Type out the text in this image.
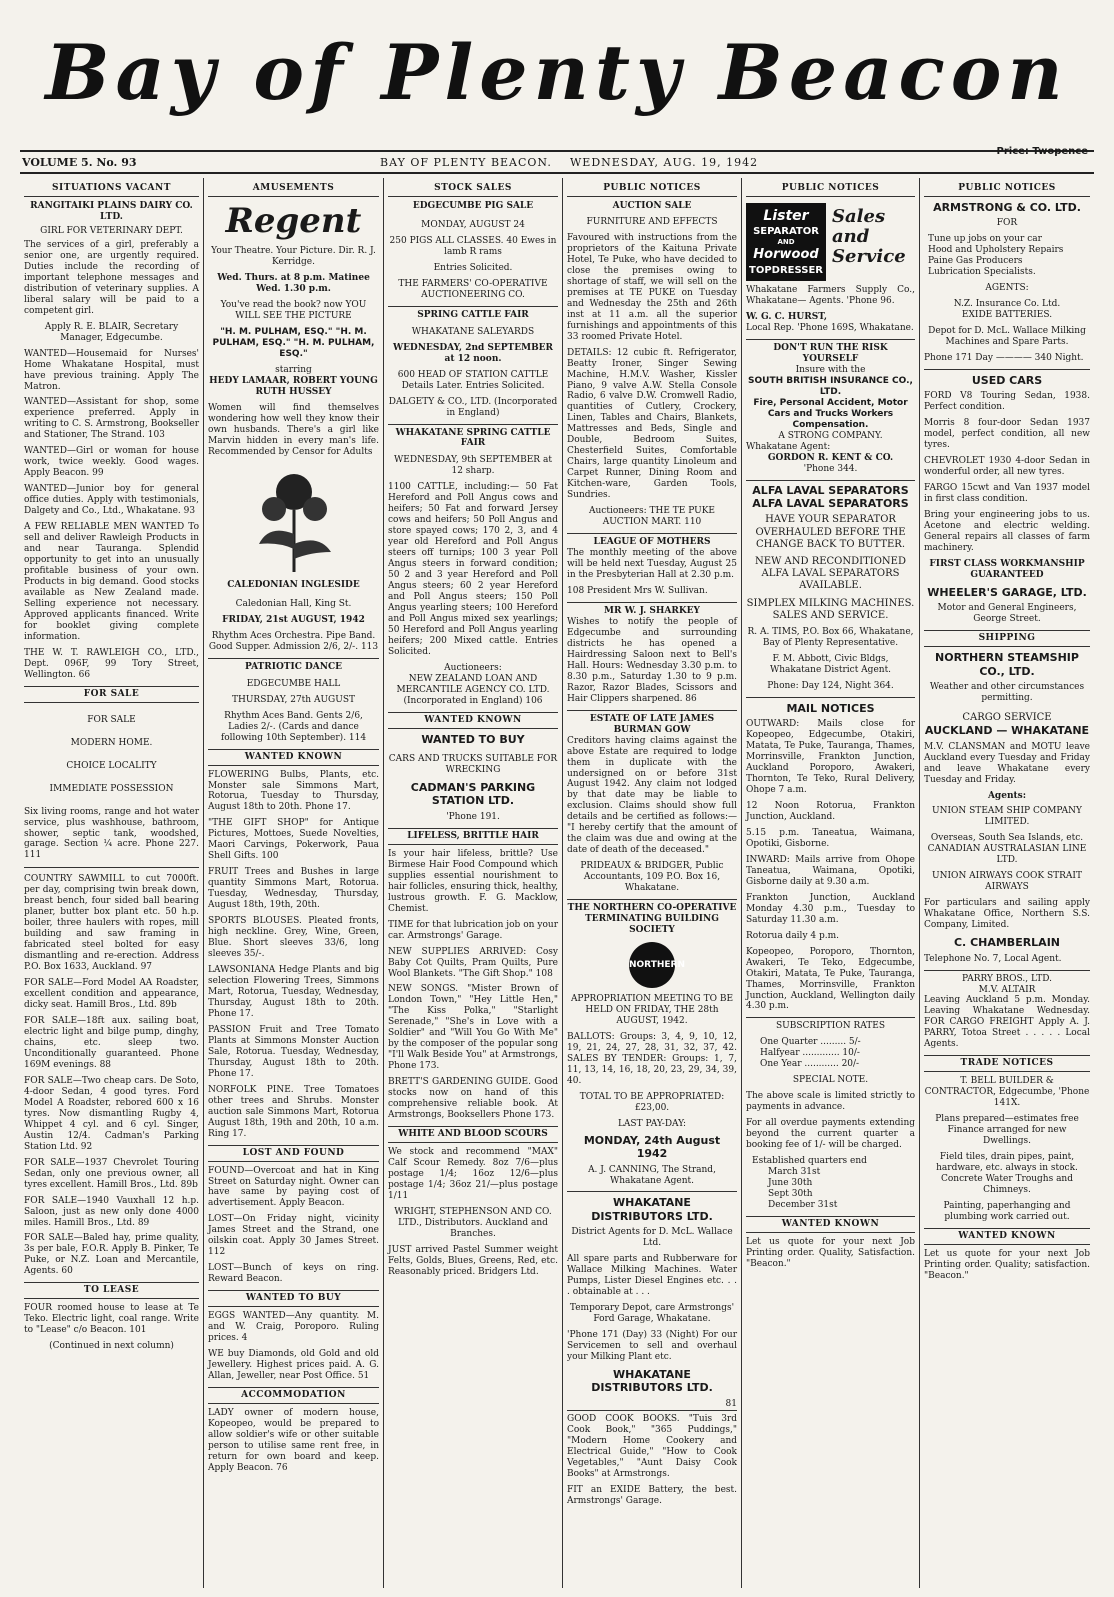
Bay of Plenty Beacon
VOLUME 5. No. 93	BAY OF PLENTY BEACON. WEDNESDAY, AUG. 19, 1942
Price: Twopence
SITUATIONS VACANT
RANGITAIKI PLAINS DAIRY CO. LTD.
GIRL FOR VETERINARY DEPT.
The services of a girl, preferably a senior one, are urgently required. Duties include the recording of important telephone messages and distribution of veterinary supplies. A liberal salary will be paid to a competent girl.
Apply R. E. BLAIR, Secretary Manager, Edgecumbe.
WANTED—Housemaid for Nurses' Home Whakatane Hospital, must have previous training. Apply The Matron.
WANTED—Assistant for shop, some experience preferred. Apply in writing to C. S. Armstrong, Bookseller and Stationer, The Strand. 103
WANTED—Girl or woman for house work, twice weekly. Good wages. Apply Beacon. 99
WANTED—Junior boy for general office duties. Apply with testimonials, Dalgety and Co., Ltd., Whakatane. 93
A FEW RELIABLE MEN WANTED To sell and deliver Rawleigh Products in and near Tauranga. Splendid opportunity to get into an unusually profitable business of your own. Products in big demand. Good stocks available as New Zealand made. Selling experience not necessary. Approved applicants financed. Write for booklet giving complete information.
THE W. T. RAWLEIGH CO., LTD., Dept. 096F, 99 Tory Street, Wellington. 66
FOR SALE
FOR SALE
MODERN HOME.
CHOICE LOCALITY
IMMEDIATE POSSESSION
Six living rooms, range and hot water service, plus washhouse, bathroom, shower, septic tank, woodshed, garage. Section ¼ acre. Phone 227. 111
COUNTRY SAWMILL to cut 7000ft. per day, comprising twin break down, breast bench, four sided ball bearing planer, butter box plant etc. 50 h.p. boiler, three haulers with ropes, mill building and saw framing in fabricated steel bolted for easy dismantling and re-erection. Address P.O. Box 1633, Auckland. 97
FOR SALE—Ford Model AA Roadster, excellent condition and appearance, dicky seat. Hamill Bros., Ltd. 89b
FOR SALE—18ft aux. sailing boat, electric light and bilge pump, dinghy, chains, etc. sleep two. Unconditionally guaranteed. Phone 169M evenings. 88
FOR SALE—Two cheap cars. De Soto, 4-door Sedan, 4 good tyres. Ford Model A Roadster, rebored 600 x 16 tyres. Now dismantling Rugby 4, Whippet 4 cyl. and 6 cyl. Singer, Austin 12/4. Cadman's Parking Station Ltd. 92
FOR SALE—1937 Chevrolet Touring Sedan, only one previous owner, all tyres excellent. Hamill Bros., Ltd. 89b
FOR SALE—1940 Vauxhall 12 h.p. Saloon, just as new only done 4000 miles. Hamill Bros., Ltd. 89
FOR SALE—Baled hay, prime quality, 3s per bale, F.O.R. Apply B. Pinker, Te Puke, or N.Z. Loan and Mercantile, Agents. 60
TO LEASE
FOUR roomed house to lease at Te Teko. Electric light, coal range. Write to "Lease" c/o Beacon. 101
(Continued in next column)
AMUSEMENTS
Regent
Your Theatre. Your Picture. Dir. R. J. Kerridge.
Wed. Thurs. at 8 p.m. Matinee Wed. 1.30 p.m.
You've read the book? now YOU WILL SEE THE PICTURE
"H. M. PULHAM, ESQ." "H. M. PULHAM, ESQ." "H. M. PULHAM, ESQ."
starring
HEDY LAMAAR, ROBERT YOUNG RUTH HUSSEY
Women will find themselves wondering how well they know their own husbands. There's a girl like Marvin hidden in every man's life. Recommended by Censor for Adults
CALEDONIAN INGLESIDE
Caledonian Hall, King St.
FRIDAY, 21st AUGUST, 1942
Rhythm Aces Orchestra. Pipe Band. Good Supper. Admission 2/6, 2/-. 113
PATRIOTIC DANCE
EDGECUMBE HALL
THURSDAY, 27th AUGUST
Rhythm Aces Band. Gents 2/6, Ladies 2/-. (Cards and dance following 10th September). 114
WANTED KNOWN
FLOWERING Bulbs, Plants, etc. Monster sale Simmons Mart, Rotorua, Tuesday to Thursday, August 18th to 20th. Phone 17.
"THE GIFT SHOP" for Antique Pictures, Mottoes, Suede Novelties, Maori Carvings, Pokerwork, Paua Shell Gifts. 100
FRUIT Trees and Bushes in large quantity Simmons Mart, Rotorua. Tuesday, Wednesday, Thursday, August 18th, 19th, 20th.
SPORTS BLOUSES. Pleated fronts, high neckline. Grey, Wine, Green, Blue. Short sleeves 33/6, long sleeves 35/-.
LAWSONIANA Hedge Plants and big selection Flowering Trees, Simmons Mart, Rotorua, Tuesday, Wednesday, Thursday, August 18th to 20th. Phone 17.
PASSION Fruit and Tree Tomato Plants at Simmons Monster Auction Sale, Rotorua. Tuesday, Wednesday, Thursday, August 18th to 20th. Phone 17.
NORFOLK PINE. Tree Tomatoes other trees and Shrubs. Monster auction sale Simmons Mart, Rotorua August 18th, 19th and 20th, 10 a.m. Ring 17.
LOST AND FOUND
FOUND—Overcoat and hat in King Street on Saturday night. Owner can have same by paying cost of advertisement. Apply Beacon.
LOST—On Friday night, vicinity James Street and the Strand, one oilskin coat. Apply 30 James Street. 112
LOST—Bunch of keys on ring. Reward Beacon.
WANTED TO BUY
EGGS WANTED—Any quantity. M. and W. Craig, Poroporo. Ruling prices. 4
WE buy Diamonds, old Gold and old Jewellery. Highest prices paid. A. G. Allan, Jeweller, near Post Office. 51
ACCOMMODATION
LADY owner of modern house, Kopeopeo, would be prepared to allow soldier's wife or other suitable person to utilise same rent free, in return for own board and keep. Apply Beacon. 76
STOCK SALES
EDGECUMBE PIG SALE
MONDAY, AUGUST 24
250 PIGS ALL CLASSES. 40 Ewes in lamb R rams
Entries Solicited.
THE FARMERS' CO-OPERATIVE AUCTIONEERING CO.
SPRING CATTLE FAIR
WHAKATANE SALEYARDS
WEDNESDAY, 2nd SEPTEMBER at 12 noon.
600 HEAD OF STATION CATTLE Details Later. Entries Solicited.
DALGETY & CO., LTD. (Incorporated in England)
WHAKATANE SPRING CATTLE FAIR
WEDNESDAY, 9th SEPTEMBER at 12 sharp.
1100 CATTLE, including:— 50 Fat Hereford and Poll Angus cows and heifers; 50 Fat and forward Jersey cows and heifers; 50 Poll Angus and store spayed cows; 170 2, 3, and 4 year old Hereford and Poll Angus steers off turnips; 100 3 year Poll Angus steers in forward condition; 50 2 and 3 year Hereford and Poll Angus steers; 60 2 year Hereford and Poll Angus steers; 150 Poll Angus yearling steers; 100 Hereford and Poll Angus mixed sex yearlings; 50 Hereford and Poll Angus yearling heifers; 200 Mixed cattle. Entries Solicited.
Auctioneers:
NEW ZEALAND LOAN AND MERCANTILE AGENCY CO. LTD. (Incorporated in England) 106
WANTED KNOWN
WANTED TO BUY
CARS AND TRUCKS SUITABLE FOR WRECKING
CADMAN'S PARKING STATION LTD.
'Phone 191.
LIFELESS, BRITTLE HAIR
Is your hair lifeless, brittle? Use Birmese Hair Food Compound which supplies essential nourishment to hair follicles, ensuring thick, healthy, lustrous growth. F. G. Macklow, Chemist.
TIME for that lubrication job on your car. Armstrongs' Garage.
NEW SUPPLIES ARRIVED: Cosy Baby Cot Quilts, Pram Quilts, Pure Wool Blankets. "The Gift Shop." 108
NEW SONGS. "Mister Brown of London Town," "Hey Little Hen," "The Kiss Polka," "Starlight Serenade," "She's in Love with a Soldier" and "Will You Go With Me" by the composer of the popular song "I'll Walk Beside You" at Armstrongs, Phone 173.
BRETT'S GARDENING GUIDE. Good stocks now on hand of this comprehensive reliable book. At Armstrongs, Booksellers Phone 173.
WHITE AND BLOOD SCOURS
We stock and recommend "MAX" Calf Scour Remedy. 8oz 7/6—plus postage 1/4; 16oz 12/6—plus postage 1/4; 36oz 21/—plus postage 1/11
WRIGHT, STEPHENSON AND CO. LTD., Distributors. Auckland and Branches.
JUST arrived Pastel Summer weight Felts, Golds, Blues, Greens, Red, etc. Reasonably priced. Bridgers Ltd.
PUBLIC NOTICES
AUCTION SALE
FURNITURE AND EFFECTS
Favoured with instructions from the proprietors of the Kaituna Private Hotel, Te Puke, who have decided to close the premises owing to shortage of staff, we will sell on the premises at TE PUKE on Tuesday and Wednesday the 25th and 26th inst at 11 a.m. all the superior furnishings and appointments of this 33 roomed Private Hotel.
DETAILS: 12 cubic ft. Refrigerator, Beatty Ironer, Singer Sewing Machine, H.M.V. Washer, Kissler Piano, 9 valve A.W. Stella Console Radio, 6 valve D.W. Cromwell Radio, quantities of Cutlery, Crockery, Linen, Tables and Chairs, Blankets, Mattresses and Beds, Single and Double, Bedroom Suites, Chesterfield Suites, Comfortable Chairs, large quantity Linoleum and Carpet Runner, Dining Room and Kitchen-ware, Garden Tools, Sundries.
Auctioneers: THE TE PUKE AUCTION MART. 110
LEAGUE OF MOTHERS
The monthly meeting of the above will be held next Tuesday, August 25 in the Presbyterian Hall at 2.30 p.m.
108 President Mrs W. Sullivan.
MR W. J. SHARKEY
Wishes to notify the people of Edgecumbe and surrounding districts he has opened a Hairdressing Saloon next to Bell's Hall. Hours: Wednesday 3.30 p.m. to 8.30 p.m., Saturday 1.30 to 9 p.m. Razor, Razor Blades, Scissors and Hair Clippers sharpened. 86
ESTATE OF LATE JAMES BURMAN GOW
Creditors having claims against the above Estate are required to lodge them in duplicate with the undersigned on or before 31st August 1942. Any claim not lodged by that date may be liable to exclusion. Claims should show full details and be certified as follows:— "I hereby certify that the amount of the claim was due and owing at the date of death of the deceased."
PRIDEAUX & BRIDGER, Public Accountants, 109 P.O. Box 16, Whakatane.
THE NORTHERN CO-OPERATIVE TERMINATING BUILDING SOCIETY
NORTHERN
APPROPRIATION MEETING TO BE HELD ON FRIDAY, THE 28th AUGUST, 1942.
BALLOTS: Groups: 3, 4, 9, 10, 12, 19, 21, 24, 27, 28, 31, 32, 37, 42. SALES BY TENDER: Groups: 1, 7, 11, 13, 14, 16, 18, 20, 23, 29, 34, 39, 40.
TOTAL TO BE APPROPRIATED: £23,00.
LAST PAY-DAY:
MONDAY, 24th August 1942
A. J. CANNING, The Strand, Whakatane Agent.
WHAKATANE DISTRIBUTORS LTD.
District Agents for D. McL. Wallace Ltd.
All spare parts and Rubberware for Wallace Milking Machines. Water Pumps, Lister Diesel Engines etc. . . . obtainable at . . .
Temporary Depot, care Armstrongs' Ford Garage, Whakatane.
'Phone 171 (Day) 33 (Night) For our Servicemen to sell and overhaul your Milking Plant etc.
WHAKATANE DISTRIBUTORS LTD.
81
GOOD COOK BOOKS. "Tuis 3rd Cook Book," "365 Puddings," "Modern Home Cookery and Electrical Guide," "How to Cook Vegetables," "Aunt Daisy Cook Books" at Armstrongs.
FIT an EXIDE Battery, the best. Armstrongs' Garage.
PUBLIC NOTICES
Lister
SEPARATOR
AND
Horwood
TOPDRESSER
Sales and Service
Whakatane Farmers Supply Co., Whakatane— Agents. 'Phone 96.
W. G. C. HURST,
Local Rep. 'Phone 169S, Whakatane.
DON'T RUN THE RISK YOURSELF
Insure with the
SOUTH BRITISH INSURANCE CO., LTD.
Fire, Personal Accident, Motor Cars and Trucks Workers Compensation.
A STRONG COMPANY.
Whakatane Agent:
GORDON R. KENT & CO.
'Phone 344.
ALFA LAVAL SEPARATORS
ALFA LAVAL SEPARATORS
HAVE YOUR SEPARATOR OVERHAULED BEFORE THE CHANGE BACK TO BUTTER.
NEW AND RECONDITIONED ALFA LAVAL SEPARATORS AVAILABLE.
SIMPLEX MILKING MACHINES. SALES AND SERVICE.
R. A. TIMS, P.O. Box 66, Whakatane, Bay of Plenty Representative.
F. M. Abbott, Civic Bldgs, Whakatane District Agent.
Phone: Day 124, Night 364.
MAIL NOTICES
OUTWARD: Mails close for Kopeopeo, Edgecumbe, Otakiri, Matata, Te Puke, Tauranga, Thames, Morrinsville, Frankton Junction, Auckland Poroporo, Awakeri, Thornton, Te Teko, Rural Delivery, Ohope 7 a.m.
12 Noon Rotorua, Frankton Junction, Auckland.
5.15 p.m. Taneatua, Waimana, Opotiki, Gisborne.
INWARD: Mails arrive from Ohope Taneatua, Waimana, Opotiki, Gisborne daily at 9.30 a.m.
Frankton Junction, Auckland Monday 4.30 p.m., Tuesday to Saturday 11.30 a.m.
Rotorua daily 4 p.m.
Kopeopeo, Poroporo, Thornton, Awakeri, Te Teko, Edgecumbe, Otakiri, Matata, Te Puke, Tauranga, Thames, Morrinsville, Frankton Junction, Auckland, Wellington daily 4.30 p.m.
SUBSCRIPTION RATES
One Quarter ......... 5/-
Halfyear ............. 10/-
One Year ............ 20/-
SPECIAL NOTE.
The above scale is limited strictly to payments in advance.
For all overdue payments extending beyond the current quarter a booking fee of 1/- will be charged.
Established quarters end
March 31st
June 30th
Sept 30th
December 31st
WANTED KNOWN
Let us quote for your next Job Printing order. Quality, Satisfaction. "Beacon."
PUBLIC NOTICES
ARMSTRONG & CO. LTD.
FOR
Tune up jobs on your car
Hood and Upholstery Repairs
Paine Gas Producers
Lubrication Specialists.
AGENTS:
N.Z. Insurance Co. Ltd.
EXIDE BATTERIES.
Depot for D. McL. Wallace Milking Machines and Spare Parts.
Phone 171 Day ———— 340 Night.
USED CARS
FORD V8 Touring Sedan, 1938. Perfect condition.
Morris 8 four-door Sedan 1937 model, perfect condition, all new tyres.
CHEVROLET 1930 4-door Sedan in wonderful order, all new tyres.
FARGO 15cwt and Van 1937 model in first class condition.
Bring your engineering jobs to us. Acetone and electric welding. General repairs all classes of farm machinery.
FIRST CLASS WORKMANSHIP GUARANTEED
WHEELER'S GARAGE, LTD.
Motor and General Engineers, George Street.
SHIPPING
NORTHERN STEAMSHIP CO., LTD.
Weather and other circumstances permitting.
CARGO SERVICE
AUCKLAND — WHAKATANE
M.V. CLANSMAN and MOTU leave Auckland every Tuesday and Friday and leave Whakatane every Tuesday and Friday.
Agents:
UNION STEAM SHIP COMPANY LIMITED.
Overseas, South Sea Islands, etc. CANADIAN AUSTRALASIAN LINE LTD.
UNION AIRWAYS COOK STRAIT AIRWAYS
For particulars and sailing apply Whakatane Office, Northern S.S. Company, Limited.
C. CHAMBERLAIN
Telephone No. 7, Local Agent.
PARRY BROS., LTD.
M.V. ALTAIR
Leaving Auckland 5 p.m. Monday. Leaving Whakatane Wednesday. FOR CARGO FREIGHT Apply A. J. PARRY, Totoa Street . . . . . Local Agents.
TRADE NOTICES
T. BELL BUILDER & CONTRACTOR, Edgecumbe, 'Phone 141X.
Plans prepared—estimates free Finance arranged for new Dwellings.
Field tiles, drain pipes, paint, hardware, etc. always in stock. Concrete Water Troughs and Chimneys.
Painting, paperhanging and plumbing work carried out.
WANTED KNOWN
Let us quote for your next Job Printing order. Quality; satisfaction. "Beacon."
